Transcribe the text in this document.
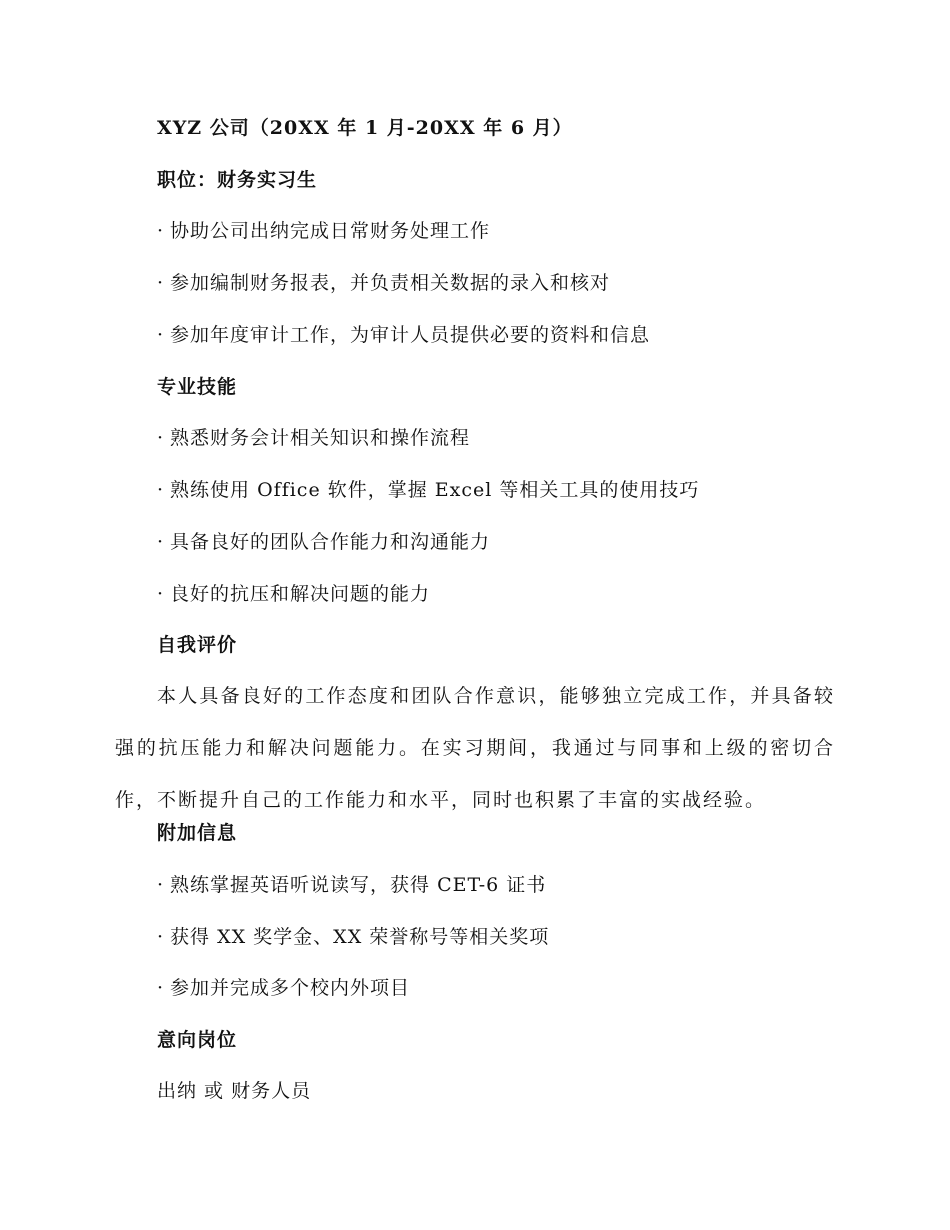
XYZ 公司（20XX 年 1 月-20XX 年 6 月）
职位：财务实习生
· 协助公司出纳完成日常财务处理工作
· 参加编制财务报表，并负责相关数据的录入和核对
· 参加年度审计工作，为审计人员提供必要的资料和信息
专业技能
· 熟悉财务会计相关知识和操作流程
· 熟练使用 Office 软件，掌握 Excel 等相关工具的使用技巧
· 具备良好的团队合作能力和沟通能力
· 良好的抗压和解决问题的能力
自我评价

本人具备良好的工作态度和团队合作意识，能够独立完成工作，并具备较强的抗压能力和解决问题能力。在实习期间，我通过与同事和上级的密切合作，不断提升自己的工作能力和水平，同时也积累了丰富的实战经验。

附加信息
· 熟练掌握英语听说读写，获得 CET-6 证书
· 获得 XX 奖学金、XX 荣誉称号等相关奖项
· 参加并完成多个校内外项目
意向岗位
出纳 或 财务人员
